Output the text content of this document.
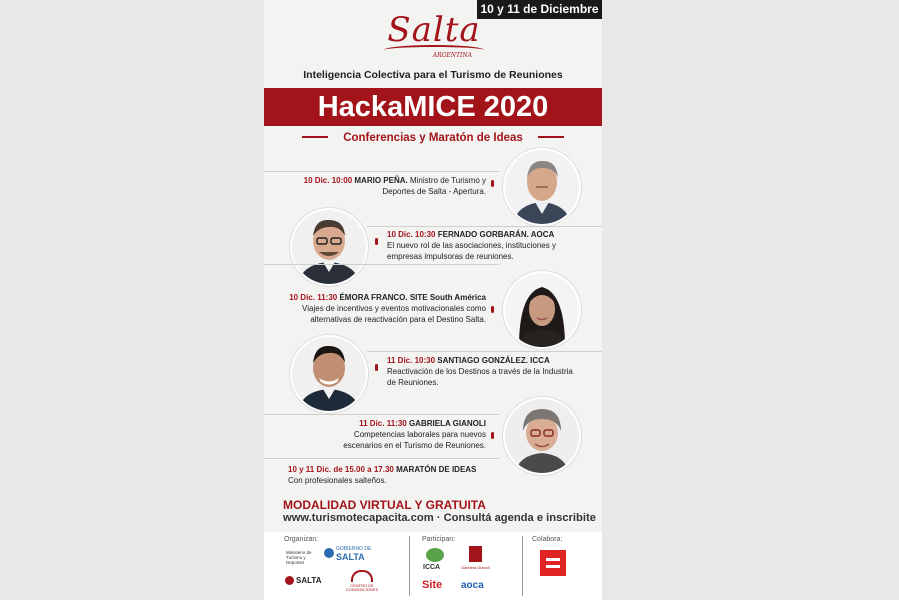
10 y 11 de Diciembre
Salta
ARGENTINA
Inteligencia Colectiva para el Turismo de Reuniones
HackaMICE 2020
Conferencias y Maratón de Ideas
10 Dic. 10:00 MARIO PEÑA. Ministro de Turismo y
Deportes de Salta - Apertura.
10 Dic. 10:30 FERNADO GORBARÁN. AOCA
El nuevo rol de las asociaciones, instituciones y
empresas impulsoras de reuniones.
10 Dic. 11:30 ÉMORA FRANCO. SITE South América
Viajes de incentivos y eventos motivacionales como
alternativas de reactivación para el Destino Salta.
11 Dic. 10:30 SANTIAGO GONZÁLEZ. ICCA
Reactivación de los Destinos a través de la Industria
de Reuniones.
11 Dic. 11:30 GABRIELA GIANOLI
Competencias laborales para nuevos
escenarios en el Turismo de Reuniones.
10 y 11 Dic. de 15.00 a 17.30 MARATÓN DE IDEAS
Con profesionales salteños.
MODALIDAD VIRTUAL Y GRATUITA
www.turismotecapacita.com · Consultá agenda e inscribite
Organizan:	Participan:	Colabora:
Ministerio de Turismo y Deportes
GOBIERNO DE
SALTA
SALTA
CENTRO DE CONVENCIONES
ICCA	Gabriela Gianoli
Site aoca
